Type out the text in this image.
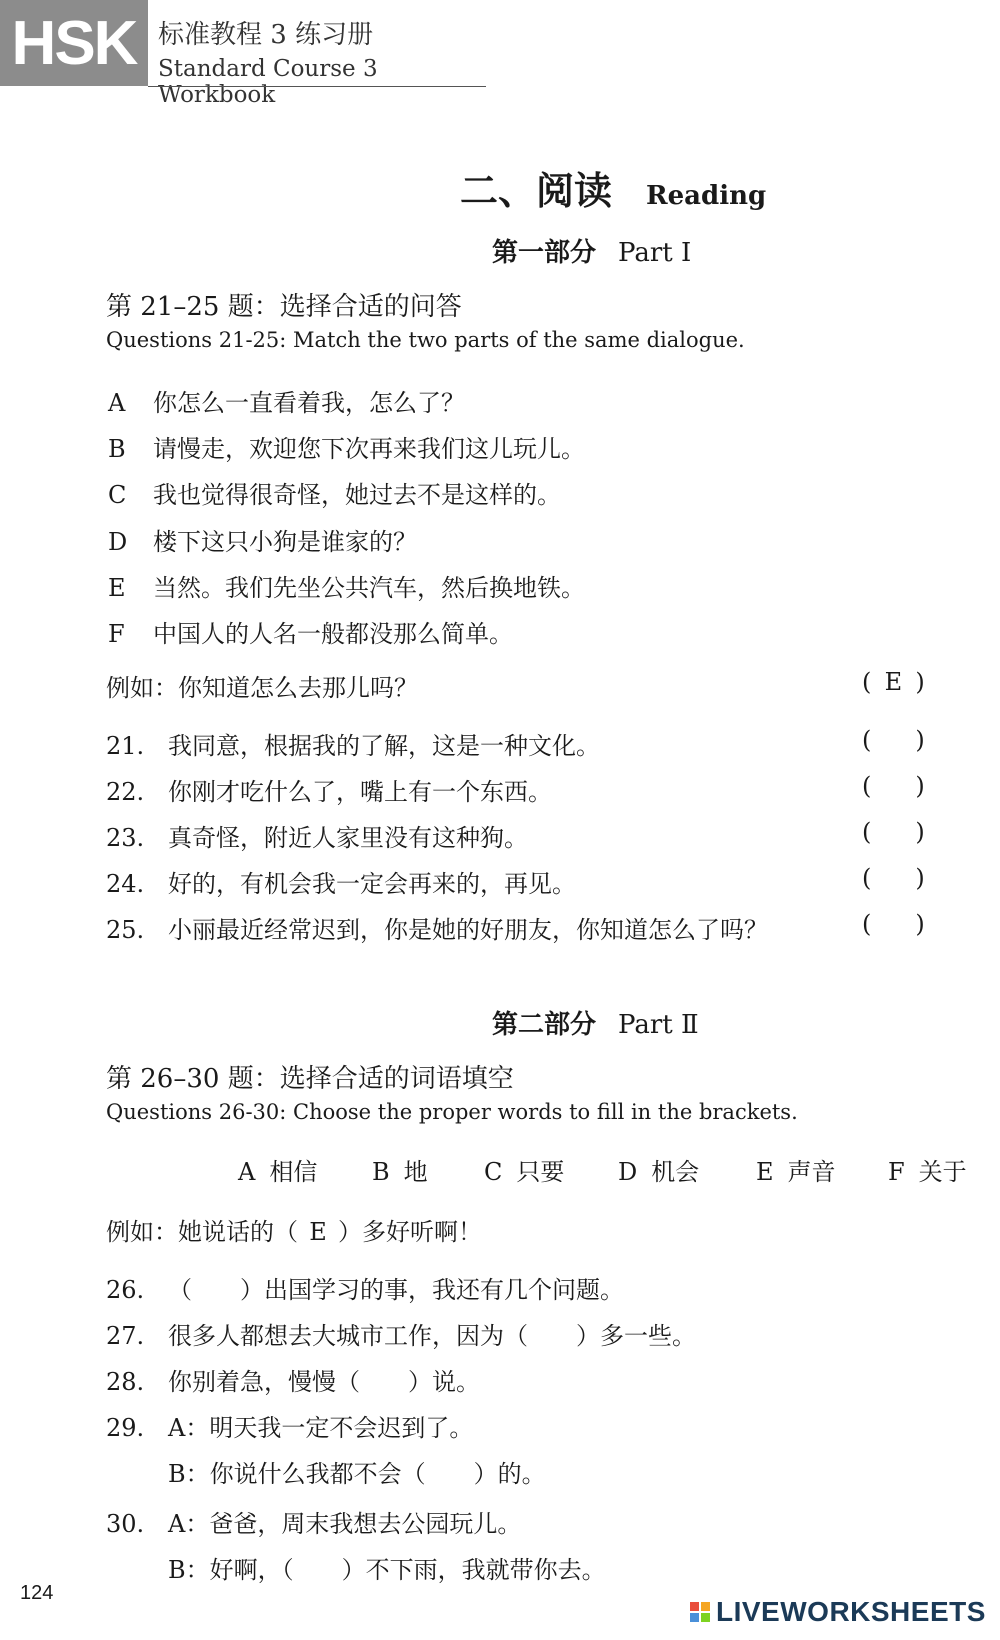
HSK 标准教程 3 练习册
Standard Course 3 Workbook
二、阅读 Reading
第一部分 Part Ⅰ
第 21–25 题：选择合适的问答
Questions 21-25: Match the two parts of the same dialogue.
A 你怎么一直看着我，怎么了？
B 请慢走，欢迎您下次再来我们这儿玩儿。
C 我也觉得很奇怪，她过去不是这样的。
D 楼下这只小狗是谁家的？
E 当然。我们先坐公共汽车，然后换地铁。
F 中国人的人名一般都没那么简单。
例如：你知道怎么去那儿吗？	( E )
21. 我同意，根据我的了解，这是一种文化。	( )
22. 你刚才吃什么了，嘴上有一个东西。	( )
23. 真奇怪，附近人家里没有这种狗。	( )
24. 好的，有机会我一定会再来的，再见。	( )
25. 小丽最近经常迟到，你是她的好朋友，你知道怎么了吗？	( )
第二部分 Part Ⅱ
第 26–30 题：选择合适的词语填空
Questions 26-30: Choose the proper words to fill in the brackets.
A 相信 B 地 C 只要 D 机会 E 声音 F 关于
例如：她说话的（ E ）多好听啊！
26. （　　）出国学习的事，我还有几个问题。
27. 很多人都想去大城市工作，因为（　　）多一些。
28. 你别着急，慢慢（　　）说。
29. A：明天我一定不会迟到了。
B：你说什么我都不会（　　）的。
30. A：爸爸，周末我想去公园玩儿。
B：好啊，（　　）不下雨，我就带你去。
124
LIVEWORKSHEETS
